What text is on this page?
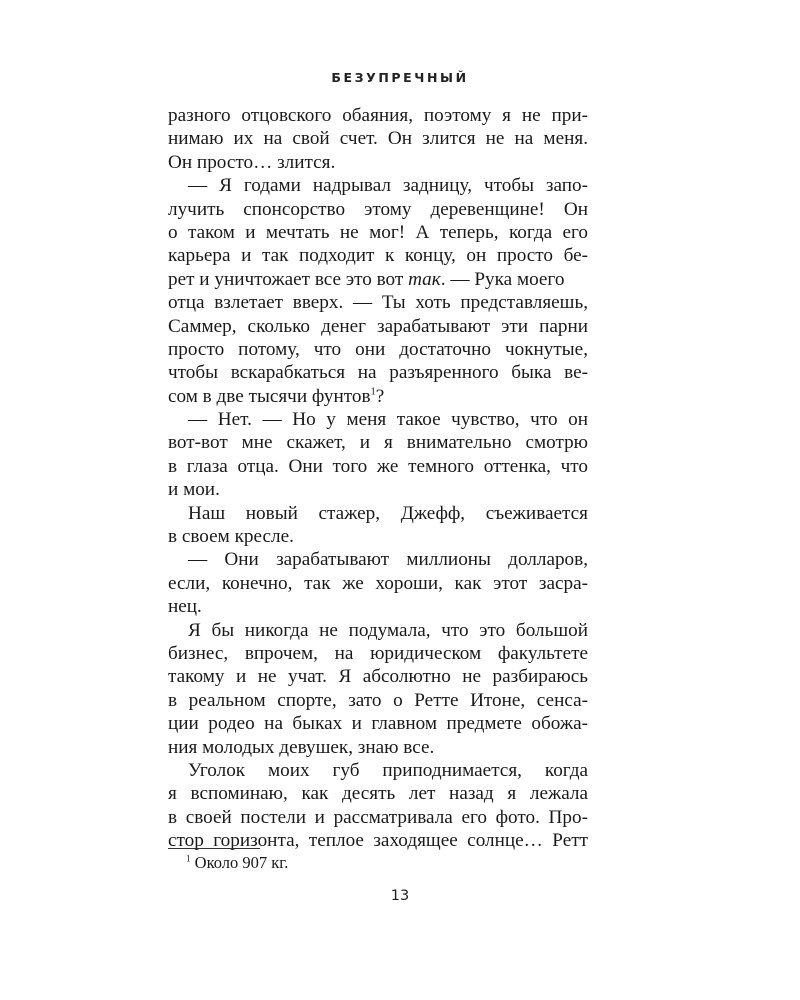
БЕЗУПРЕЧНЫЙ
разного отцовского обаяния, поэтому я не при-
нимаю их на свой счет. Он злится не на меня.
Он просто… злится.
— Я годами надрывал задницу, чтобы запо-
лучить спонсорство этому деревенщине! Он
о таком и мечтать не мог! А теперь, когда его
карьера и так подходит к концу, он просто бе-
рет и уничтожает все это вот так. — Рука моего
отца взлетает вверх. — Ты хоть представляешь,
Саммер, сколько денег зарабатывают эти парни
просто потому, что они достаточно чокнутые,
чтобы вскарабкаться на разъяренного быка ве-
сом в две тысячи фунтов$^1$?
— Нет. — Но у меня такое чувство, что он
вот-вот мне скажет, и я внимательно смотрю
в глаза отца. Они того же темного оттенка, что
и мои.
Наш новый стажер, Джефф, съеживается
в своем кресле.
— Они зарабатывают миллионы долларов,
если, конечно, так же хороши, как этот засра-
нец.
Я бы никогда не подумала, что это большой
бизнес, впрочем, на юридическом факультете
такому и не учат. Я абсолютно не разбираюсь
в реальном спорте, зато о Ретте Итоне, сенса-
ции родео на быках и главном предмете обожа-
ния молодых девушек, знаю все.
Уголок моих губ приподнимается, когда
я вспоминаю, как десять лет назад я лежала
в своей постели и рассматривала его фото. Про-
стор горизонта, теплое заходящее солнце… Ретт
$^1$ Около 907 кг.
13
